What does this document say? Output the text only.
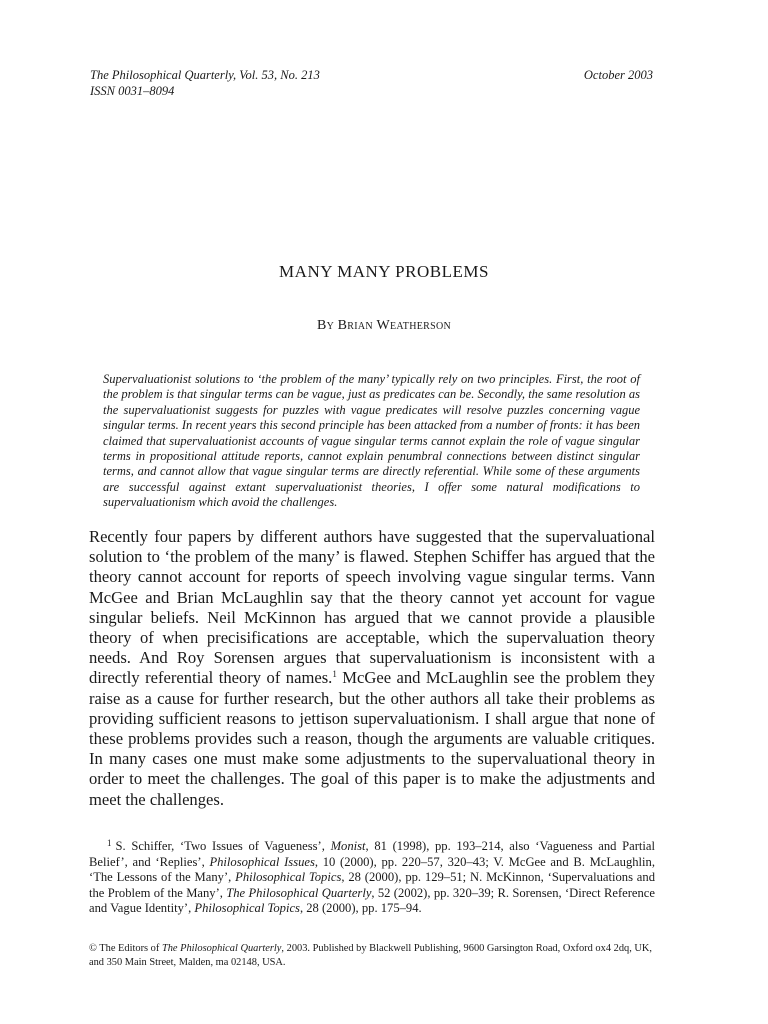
The Philosophical Quarterly, Vol. 53, No. 213	October 2003
ISSN 0031–8094
MANY MANY PROBLEMS
By Brian Weatherson
Supervaluationist solutions to ‘the problem of the many’ typically rely on two principles. First, the root of the problem is that singular terms can be vague, just as predicates can be. Secondly, the same resolution as the supervaluationist suggests for puzzles with vague predicates will resolve puzzles concerning vague singular terms. In recent years this second principle has been attacked from a number of fronts: it has been claimed that supervaluationist accounts of vague singular terms cannot explain the role of vague singular terms in propositional attitude reports, cannot explain penumbral connections between distinct singular terms, and cannot allow that vague singular terms are directly referential. While some of these arguments are successful against extant supervaluationist theories, I offer some natural modifications to supervaluationism which avoid the challenges.

Recently four papers by different authors have suggested that the supervaluational solution to ‘the problem of the many’ is flawed. Stephen Schiffer has argued that the theory cannot account for reports of speech involving vague singular terms. Vann McGee and Brian McLaughlin say that the theory cannot yet account for vague singular beliefs. Neil McKinnon has argued that we cannot provide a plausible theory of when precisifications are acceptable, which the supervaluation theory needs. And Roy Sorensen argues that supervaluationism is inconsistent with a directly referential theory of names.$^1$ McGee and McLaughlin see the problem they raise as a cause for further research, but the other authors all take their problems as providing sufficient reasons to jettison supervaluationism. I shall argue that none of these problems provides such a reason, though the arguments are valuable critiques. In many cases one must make some adjustments to the supervaluational theory in order to meet the challenges. The goal of this paper is to make the adjustments and meet the challenges.

$^1$ S. Schiffer, ‘Two Issues of Vagueness’, Monist, 81 (1998), pp. 193–214, also ‘Vagueness and Partial Belief’, and ‘Replies’, Philosophical Issues, 10 (2000), pp. 220–57, 320–43; V. McGee and B. McLaughlin, ‘The Lessons of the Many’, Philosophical Topics, 28 (2000), pp. 129–51; N. McKinnon, ‘Supervaluations and the Problem of the Many’, The Philosophical Quarterly, 52 (2002), pp. 320–39; R. Sorensen, ‘Direct Reference and Vague Identity’, Philosophical Topics, 28 (2000), pp. 175–94.
© The Editors of The Philosophical Quarterly, 2003. Published by Blackwell Publishing, 9600 Garsington Road, Oxford ox4 2dq, UK, and 350 Main Street, Malden, ma 02148, USA.
